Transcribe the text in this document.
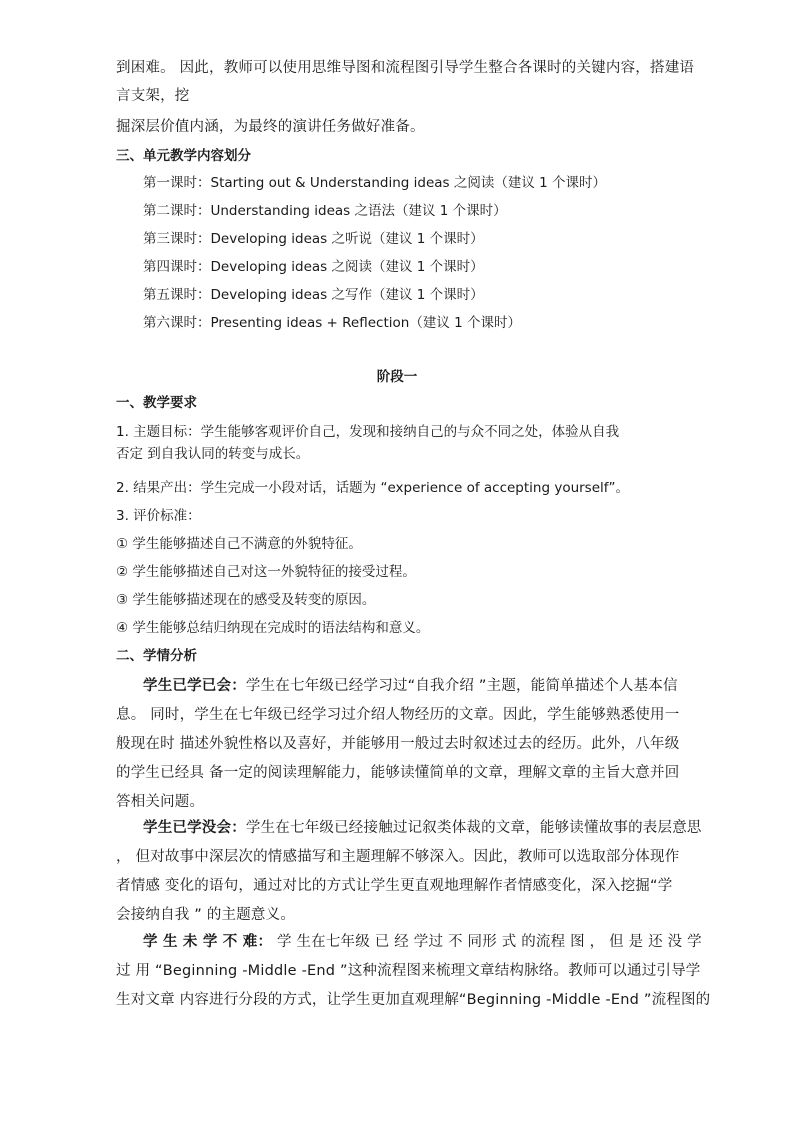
到困难。 因此，教师可以使用思维导图和流程图引导学生整合各课时的关键内容，搭建语
言支架，挖
掘深层价值内涵，为最终的演讲任务做好准备。
三、单元教学内容划分
第一课时：Starting out & Understanding ideas 之阅读（建议 1 个课时）
第二课时：Understanding ideas 之语法（建议 1 个课时）
第三课时：Developing ideas 之听说（建议 1 个课时）
第四课时：Developing ideas 之阅读（建议 1 个课时）
第五课时：Developing ideas 之写作（建议 1 个课时）
第六课时：Presenting ideas + Reflection（建议 1 个课时）
阶段一
一、教学要求
1. 主题目标：学生能够客观评价自己，发现和接纳自己的与众不同之处，体验从自我
否定 到自我认同的转变与成长。
2. 结果产出：学生完成一小段对话，话题为 “experience of accepting yourself”。
3. 评价标准：
① 学生能够描述自己不满意的外貌特征。
② 学生能够描述自己对这一外貌特征的接受过程。
③ 学生能够描述现在的感受及转变的原因。
④ 学生能够总结归纳现在完成时的语法结构和意义。
二、学情分析
学生已学已会：学生在七年级已经学习过“自我介绍 ”主题，能简单描述个人基本信
息。 同时，学生在七年级已经学习过介绍人物经历的文章。因此，学生能够熟悉使用一
般现在时 描述外貌性格以及喜好，并能够用一般过去时叙述过去的经历。此外，八年级
的学生已经具 备一定的阅读理解能力，能够读懂简单的文章，理解文章的主旨大意并回
答相关问题。
学生已学没会：学生在七年级已经接触过记叙类体裁的文章，能够读懂故事的表层意思
， 但对故事中深层次的情感描写和主题理解不够深入。因此，教师可以选取部分体现作
者情感 变化的语句，通过对比的方式让学生更直观地理解作者情感变化，深入挖掘“学
会接纳自我 ” 的主题意义。
学 生 未 学 不 难： 学 生在七年级 已 经 学过 不 同形 式 的流程 图 ， 但 是 还 没 学
过 用 “Beginning -Middle -End ”这种流程图来梳理文章结构脉络。教师可以通过引导学
生对文章 内容进行分段的方式，让学生更加直观理解“Beginning -Middle -End ”流程图的
